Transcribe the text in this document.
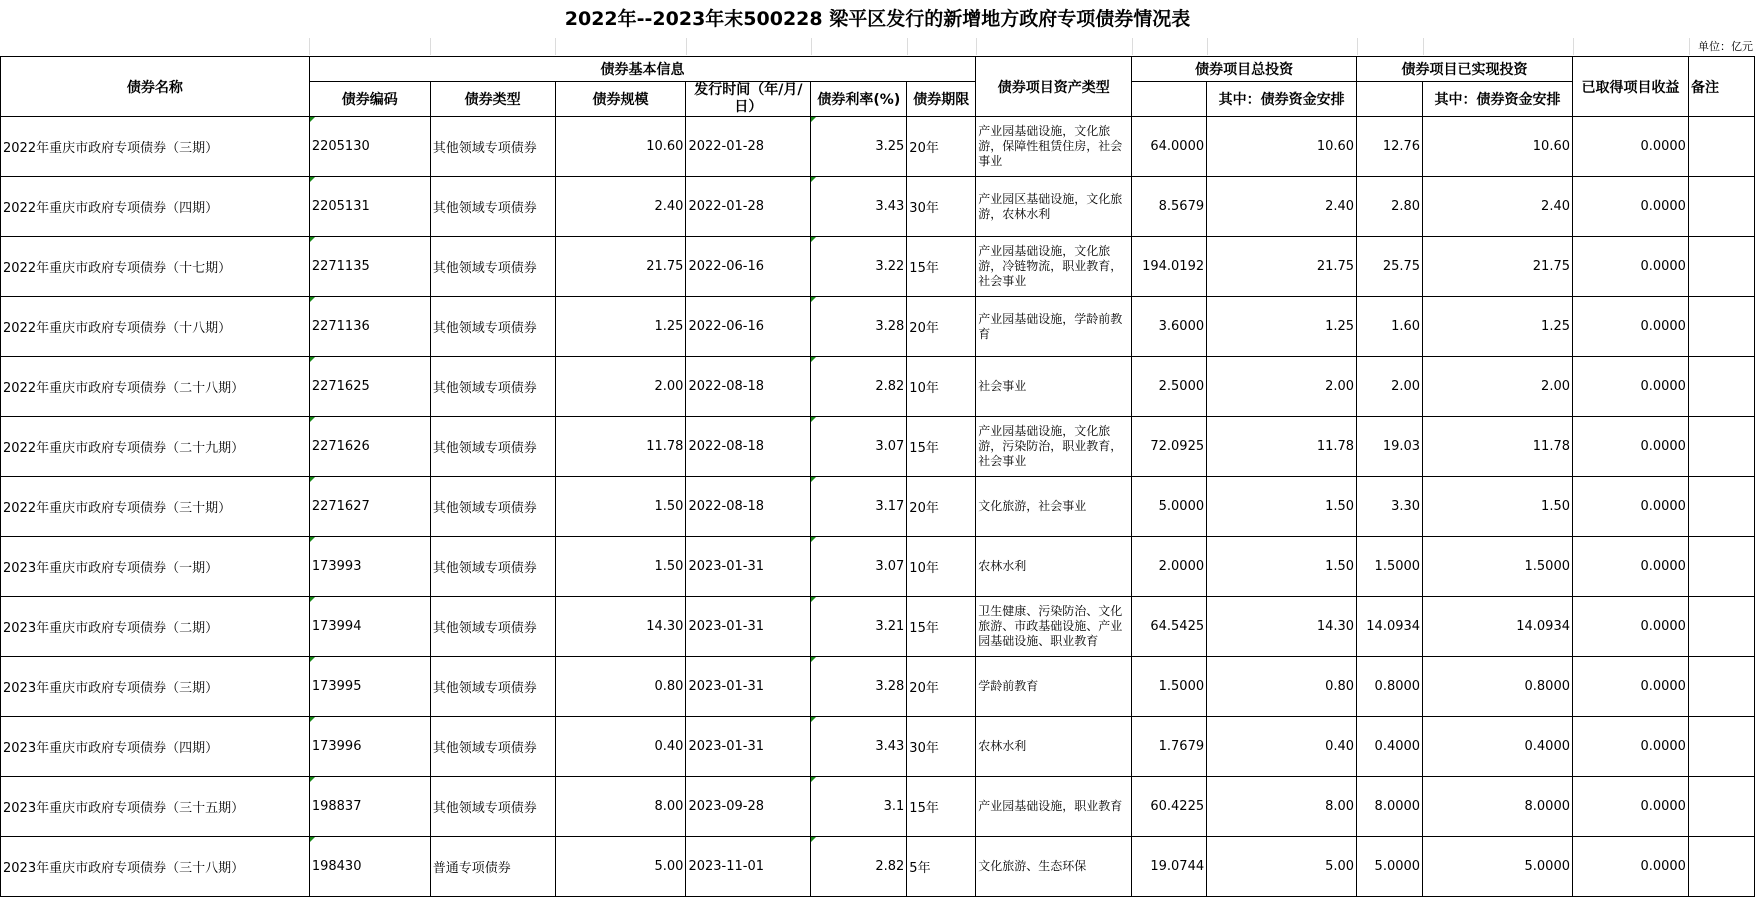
2022年--2023年末500228 梁平区发行的新增地方政府专项债券情况表
单位：亿元
债券名称	债券基本信息						债券项目资产类型	债券项目总投资		债券项目已实现投资		已取得项目收益	备注
	债券编码	债券类型	债券规模	发行时间（年/月/日）	债券利率(%)	债券期限			其中：债券资金安排		其中：债券资金安排		
2022年重庆市政府专项债券（三期）	2205130	其他领域专项债券	10.60	2022-01-28	3.25	20年	产业园基础设施，文化旅游，保障性租赁住房，社会事业	64.0000	10.60	12.76	10.60	0.0000	
2022年重庆市政府专项债券（四期）	2205131	其他领域专项债券	2.40	2022-01-28	3.43	30年	产业园区基础设施，文化旅游，农林水利	8.5679	2.40	2.80	2.40	0.0000	
2022年重庆市政府专项债券（十七期）	2271135	其他领域专项债券	21.75	2022-06-16	3.22	15年	产业园基础设施，文化旅游，冷链物流，职业教育，社会事业	194.0192	21.75	25.75	21.75	0.0000	
2022年重庆市政府专项债券（十八期）	2271136	其他领域专项债券	1.25	2022-06-16	3.28	20年	产业园基础设施，学龄前教育	3.6000	1.25	1.60	1.25	0.0000	
2022年重庆市政府专项债券（二十八期）	2271625	其他领域专项债券	2.00	2022-08-18	2.82	10年	社会事业	2.5000	2.00	2.00	2.00	0.0000	
2022年重庆市政府专项债券（二十九期）	2271626	其他领域专项债券	11.78	2022-08-18	3.07	15年	产业园基础设施，文化旅游，污染防治，职业教育，社会事业	72.0925	11.78	19.03	11.78	0.0000	
2022年重庆市政府专项债券（三十期）	2271627	其他领域专项债券	1.50	2022-08-18	3.17	20年	文化旅游，社会事业	5.0000	1.50	3.30	1.50	0.0000	
2023年重庆市政府专项债券（一期）	173993	其他领域专项债券	1.50	2023-01-31	3.07	10年	农林水利	2.0000	1.50	1.5000	1.5000	0.0000	
2023年重庆市政府专项债券（二期）	173994	其他领域专项债券	14.30	2023-01-31	3.21	15年	卫生健康、污染防治、文化旅游、市政基础设施、产业园基础设施、职业教育	64.5425	14.30	14.0934	14.0934	0.0000	
2023年重庆市政府专项债券（三期）	173995	其他领域专项债券	0.80	2023-01-31	3.28	20年	学龄前教育	1.5000	0.80	0.8000	0.8000	0.0000	
2023年重庆市政府专项债券（四期）	173996	其他领域专项债券	0.40	2023-01-31	3.43	30年	农林水利	1.7679	0.40	0.4000	0.4000	0.0000	
2023年重庆市政府专项债券（三十五期）	198837	其他领域专项债券	8.00	2023-09-28	3.1	15年	产业园基础设施，职业教育	60.4225	8.00	8.0000	8.0000	0.0000	
2023年重庆市政府专项债券（三十八期）	198430	普通专项债券	5.00	2023-11-01	2.82	5年	文化旅游、生态环保	19.0744	5.00	5.0000	5.0000	0.0000	
